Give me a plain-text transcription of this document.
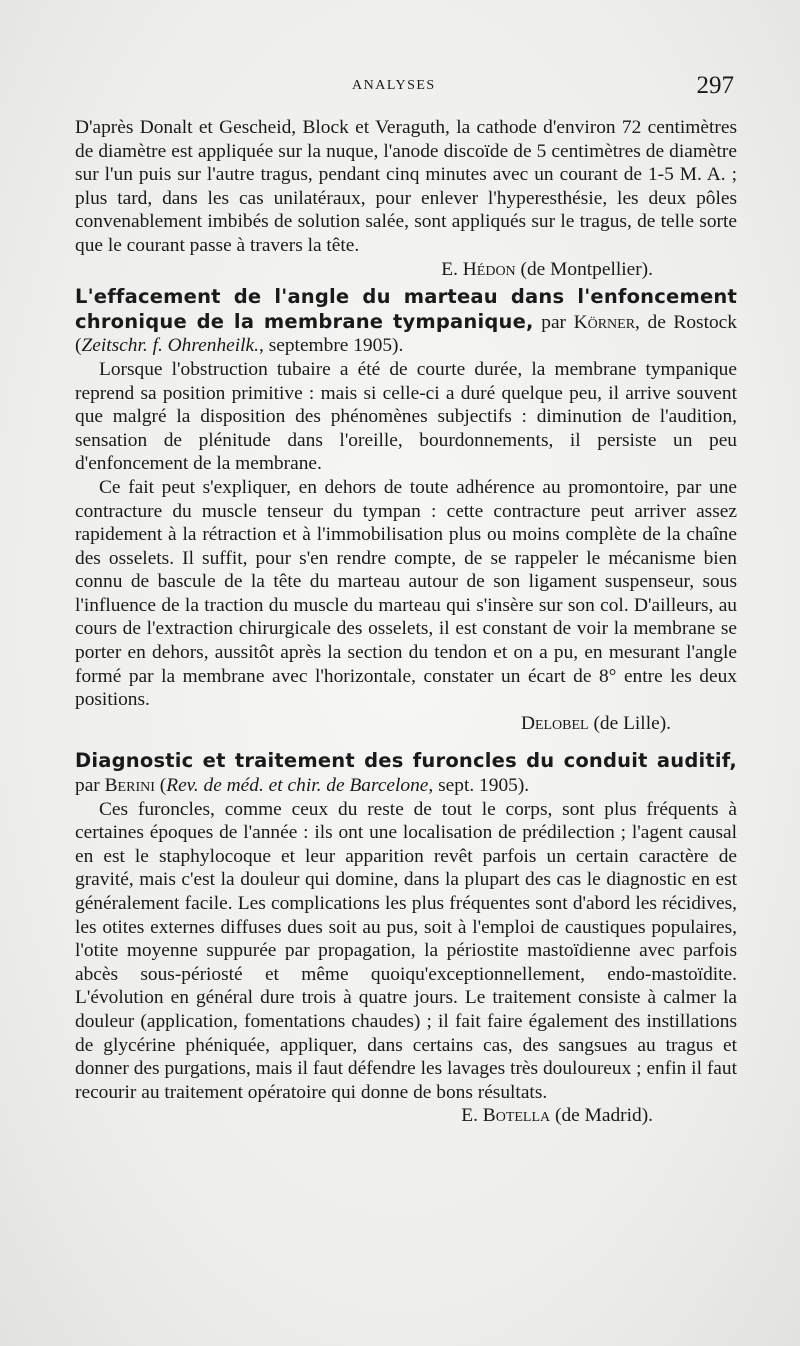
ANALYSES	297

D'après Donalt et Gescheid, Block et Veraguth, la cathode d'environ 72 centimètres de diamètre est appliquée sur la nuque, l'anode discoïde de 5 centimètres de diamètre sur l'un puis sur l'autre tragus, pendant cinq minutes avec un courant de 1-5 M. A. ; plus tard, dans les cas unilatéraux, pour enlever l'hyperesthésie, les deux pôles convenablement imbibés de solution salée, sont appliqués sur le tragus, de telle sorte que le courant passe à travers la tête.

E. Hédon (de Montpellier).

L'effacement de l'angle du marteau dans l'enfoncement chronique de la membrane tympanique, par Körner, de Rostock (Zeitschr. f. Ohrenheilk., septembre 1905).

Lorsque l'obstruction tubaire a été de courte durée, la membrane tympanique reprend sa position primitive : mais si celle-ci a duré quelque peu, il arrive souvent que malgré la disposition des phénomènes subjectifs : diminution de l'audition, sensation de plénitude dans l'oreille, bourdonnements, il persiste un peu d'enfoncement de la membrane.

Ce fait peut s'expliquer, en dehors de toute adhérence au promontoire, par une contracture du muscle tenseur du tympan : cette contracture peut arriver assez rapidement à la rétraction et à l'immobilisation plus ou moins complète de la chaîne des osselets. Il suffit, pour s'en rendre compte, de se rappeler le mécanisme bien connu de bascule de la tête du marteau autour de son ligament suspenseur, sous l'influence de la traction du muscle du marteau qui s'insère sur son col. D'ailleurs, au cours de l'extraction chirurgicale des osselets, il est constant de voir la membrane se porter en dehors, aussitôt après la section du tendon et on a pu, en mesurant l'angle formé par la membrane avec l'horizontale, constater un écart de 8° entre les deux positions.

Delobel (de Lille).

Diagnostic et traitement des furoncles du conduit auditif, par Berini (Rev. de méd. et chir. de Barcelone, sept. 1905).

Ces furoncles, comme ceux du reste de tout le corps, sont plus fréquents à certaines époques de l'année : ils ont une localisation de prédilection ; l'agent causal en est le staphylocoque et leur apparition revêt parfois un certain caractère de gravité, mais c'est la douleur qui domine, dans la plupart des cas le diagnostic en est généralement facile. Les complications les plus fréquentes sont d'abord les récidives, les otites externes diffuses dues soit au pus, soit à l'emploi de caustiques populaires, l'otite moyenne suppurée par propagation, la périostite mastoïdienne avec parfois abcès sous-périosté et même quoiqu'exceptionnellement, endo-mastoïdite. L'évolution en général dure trois à quatre jours. Le traitement consiste à calmer la douleur (application, fomentations chaudes) ; il fait faire également des instillations de glycérine phéniquée, appliquer, dans certains cas, des sangsues au tragus et donner des purgations, mais il faut défendre les lavages très douloureux ; enfin il faut recourir au traitement opératoire qui donne de bons résultats.

E. Botella (de Madrid).
